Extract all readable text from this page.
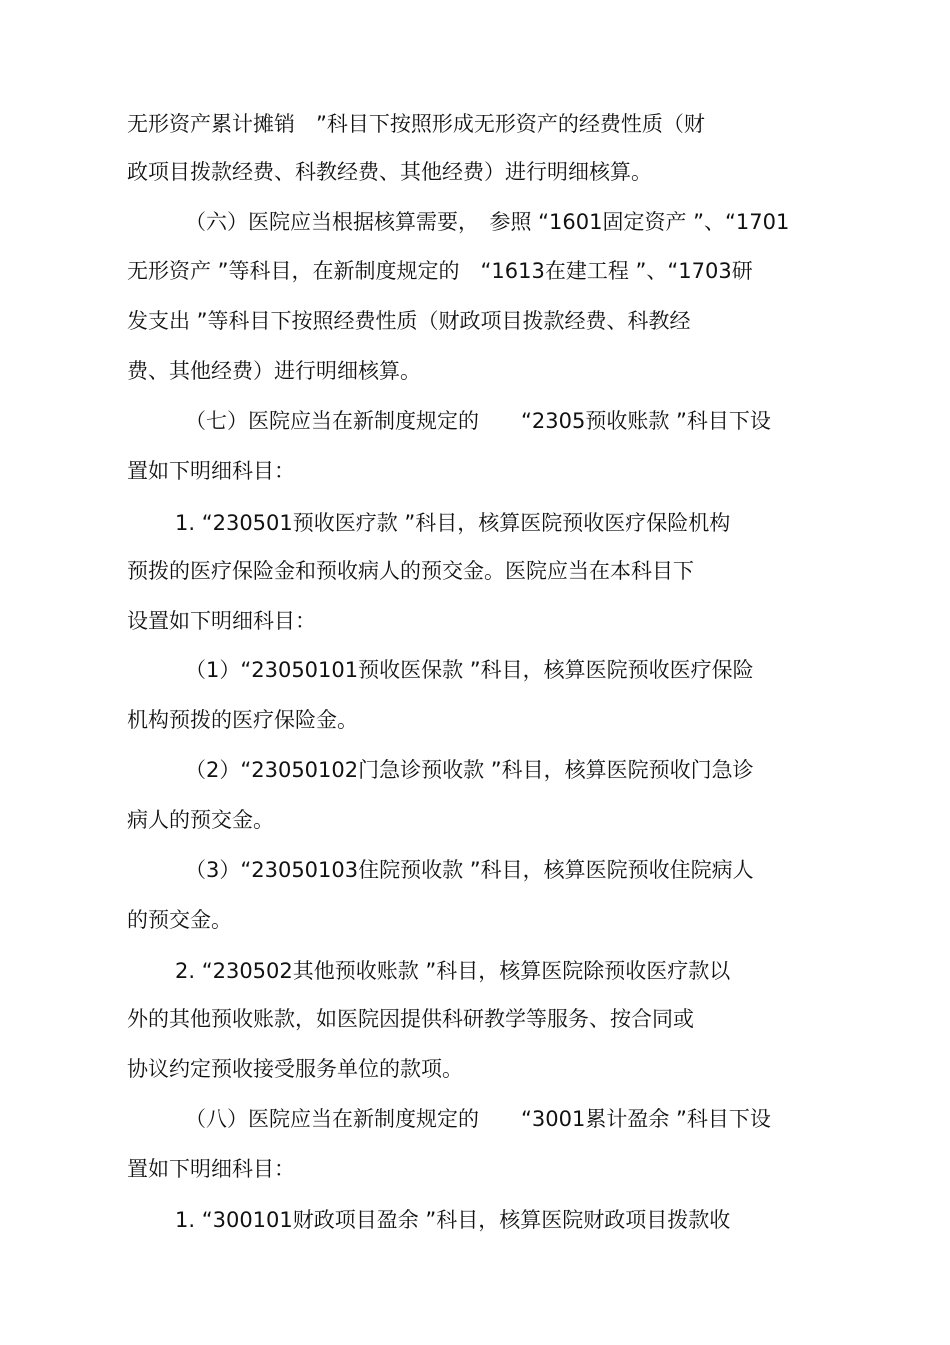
无形资产累计摊销　”科目下按照形成无形资产的经费性质（财
政项目拨款经费、科教经费、其他经费）进行明细核算。
（六）医院应当根据核算需要，　参照 “1601固定资产 ”、“1701
无形资产 ”等科目，在新制度规定的　“1613在建工程 ”、“1703研
发支出 ”等科目下按照经费性质（财政项目拨款经费、科教经
费、其他经费）进行明细核算。
（七）医院应当在新制度规定的　　“2305预收账款 ”科目下设
置如下明细科目：
1. “230501预收医疗款 ”科目，核算医院预收医疗保险机构
预拨的医疗保险金和预收病人的预交金。医院应当在本科目下
设置如下明细科目：
（1）“23050101预收医保款 ”科目，核算医院预收医疗保险
机构预拨的医疗保险金。
（2）“23050102门急诊预收款 ”科目，核算医院预收门急诊
病人的预交金。
（3）“23050103住院预收款 ”科目，核算医院预收住院病人
的预交金。
2. “230502其他预收账款 ”科目，核算医院除预收医疗款以
外的其他预收账款，如医院因提供科研教学等服务、按合同或
协议约定预收接受服务单位的款项。
（八）医院应当在新制度规定的　　“3001累计盈余 ”科目下设
置如下明细科目：
1. “300101财政项目盈余 ”科目，核算医院财政项目拨款收
